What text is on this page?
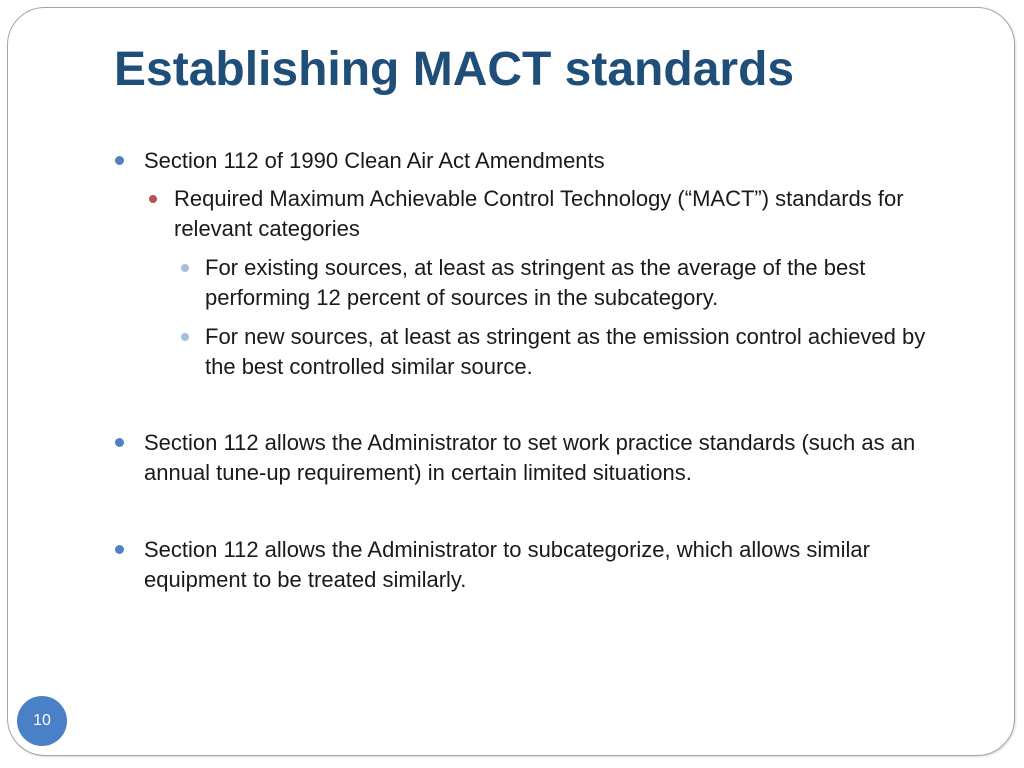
Establishing MACT standards
Section 112 of 1990 Clean Air Act Amendments
Required Maximum Achievable Control Technology (“MACT”) standards for relevant categories
For existing sources, at least as stringent as the average of the best performing 12 percent of sources in the subcategory.
For new sources, at least as stringent as the emission control achieved by the best controlled similar source.
Section 112 allows the Administrator to set work practice standards (such as an annual tune-up requirement) in certain limited situations.
Section 112 allows the Administrator to subcategorize, which allows similar equipment to be treated similarly.
10
